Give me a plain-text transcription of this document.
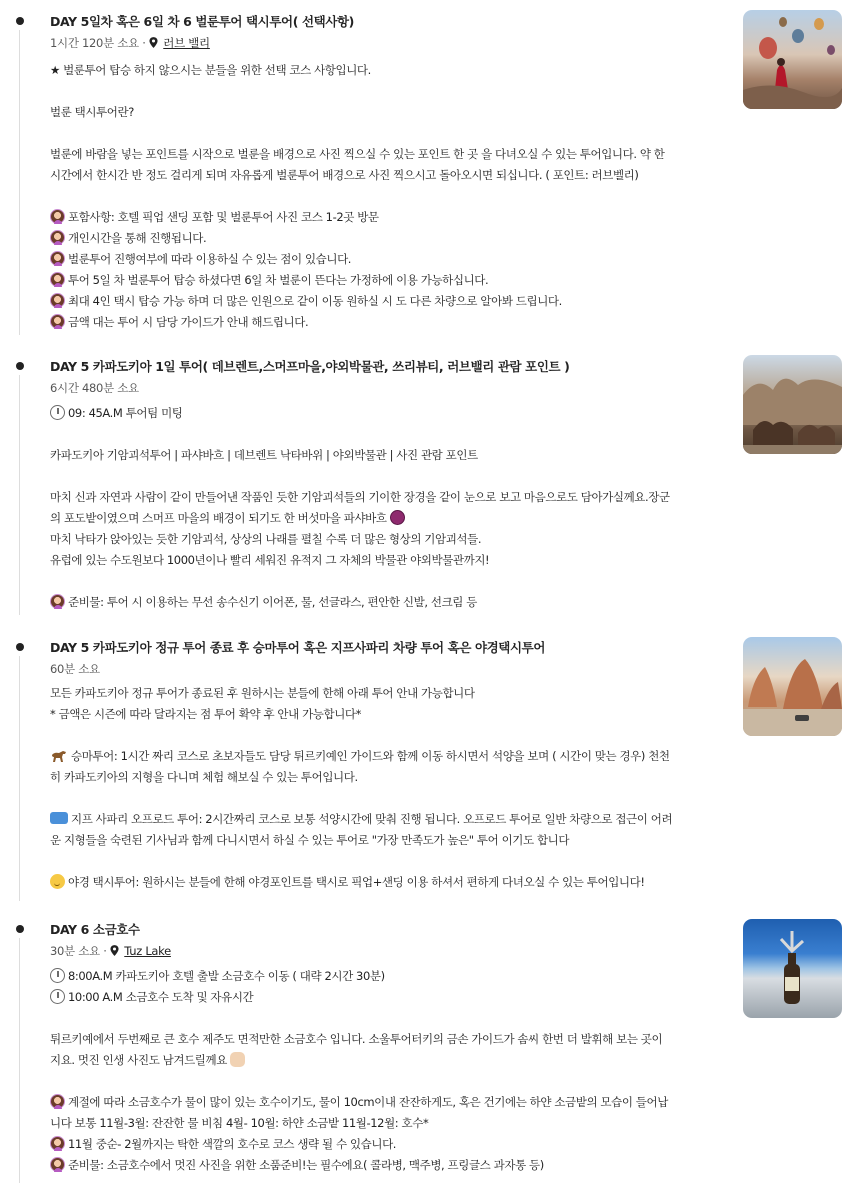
DAY 5일차 혹은 6일 차 6 벌룬투어 택시투어( 선택사항)
1시간 120분 소요 ·  러브 밸리
★ 벌룬투어 탑승 하지 않으시는 분들을 위한 선택 코스 사항입니다.
벌룬 택시투어란?
벌룬에 바람을 넣는 포인트를 시작으로 벌룬을 배경으로 사진 찍으실 수 있는 포인트 한 곳 을 다녀오실 수 있는 투어입니다. 약 한
시간에서 한시간 반 정도 걸리게 되며 자유롭게 벌룬투어 배경으로 사진 찍으시고 돌아오시면 되십니다. ( 포인트: 러브벨리)
포함사항: 호텔 픽업 샌딩 포함 및 벌룬투어 사진 코스 1-2곳 방문
개인시간을 통해 진행됩니다.
벌룬투어 진행여부에 따라 이용하실 수 있는 점이 있습니다.
투어 5일 차 벌룬투어 탑승 하셨다면 6일 차 벌룬이 뜬다는 가정하에 이용 가능하십니다.
최대 4인 택시 탑승 가능 하며 더 많은 인원으로 같이 이동 원하실 시 도 다른 차량으로 알아봐 드립니다.
금액 대는 투어 시 담당 가이드가 안내 해드립니다.
DAY 5 카파도키아 1일 투어( 데브렌트,스머프마을,야외박물관, 쓰리뷰티, 러브밸리 관람 포인트 )
6시간 480분 소요
09: 45A.M 투어팀 미팅
카파도키아 기암괴석투어 | 파샤바흐 | 데브렌트 낙타바위 | 야외박물관 | 사진 관람 포인트
마치 신과 자연과 사람이 같이 만들어낸 작품인 듯한 기암괴석들의 기이한 장경을 같이 눈으로 보고 마음으로도 담아가실께요.장군
의 포도밭이였으며 스머프 마을의 배경이 되기도 한 버섯마을 파샤바흐
마치 낙타가 앉아있는 듯한 기암괴석, 상상의 나래를 펼칠 수록 더 많은 형상의 기암괴석들.
유럽에 있는 수도원보다 1000년이나 빨리 세워진 유적지 그 자체의 박물관 야외박물관까지!
준비물: 투어 시 이용하는 무선 송수신기 이어폰, 물, 선글라스, 편안한 신발, 선크림 등
DAY 5 카파도키아 정규 투어 종료 후 승마투어 혹은 지프사파리 차량 투어 혹은 야경택시투어
60분 소요
모든 카파도키아 정규 투어가 종료된 후 원하시는 분들에 한해 아래 투어 안내 가능합니다
* 금액은 시즌에 따라 달라지는 점 투어 확약 후 안내 가능합니다*
승마투어: 1시간 짜리 코스로 초보자들도 담당 튀르키예인 가이드와 함께 이동 하시면서 석양을 보며 ( 시간이 맞는 경우) 천천
히 카파도키아의 지형을 다니며 체험 해보실 수 있는 투어입니다.
지프 사파리 오프로드 투어: 2시간짜리 코스로 보통 석양시간에 맞춰 진행 됩니다. 오프로드 투어로 일반 차량으로 접근이 어려
운 지형들을 숙련된 기사님과 함께 다니시면서 하실 수 있는 투어로 "가장 만족도가 높은" 투어 이기도 합니다
야경 택시투어: 원하시는 분들에 한해 야경포인트를 택시로 픽업+샌딩 이용 하셔서 편하게 다녀오실 수 있는 투어입니다!
DAY 6 소금호수
30분 소요 ·  Tuz Lake
8:00A.M 카파도키아 호텔 출발 소금호수 이동 ( 대략 2시간 30분)
10:00 A.M 소금호수 도착 및 자유시간
튀르키예에서 두번째로 큰 호수 제주도 면적만한 소금호수 입니다. 소울투어터키의 금손 가이드가 솜씨 한번 더 발휘해 보는 곳이
지요. 멋진 인생 사진도 남겨드릴께요
계절에 따라 소금호수가 물이 많이 있는 호수이기도, 물이 10cm이내 잔잔하게도, 혹은 건기에는 하얀 소금밭의 모습이 들어납
니다 보통 11월-3월: 잔잔한 물 비침 4월- 10월: 하얀 소금밭 11월-12월: 호수*
11월 중순- 2월까지는 탁한 색깔의 호수로 코스 생략 될 수 있습니다.
준비물: 소금호수에서 멋진 사진을 위한 소품준비!는 필수에요( 콜라병, 맥주병, 프링글스 과자통 등)
